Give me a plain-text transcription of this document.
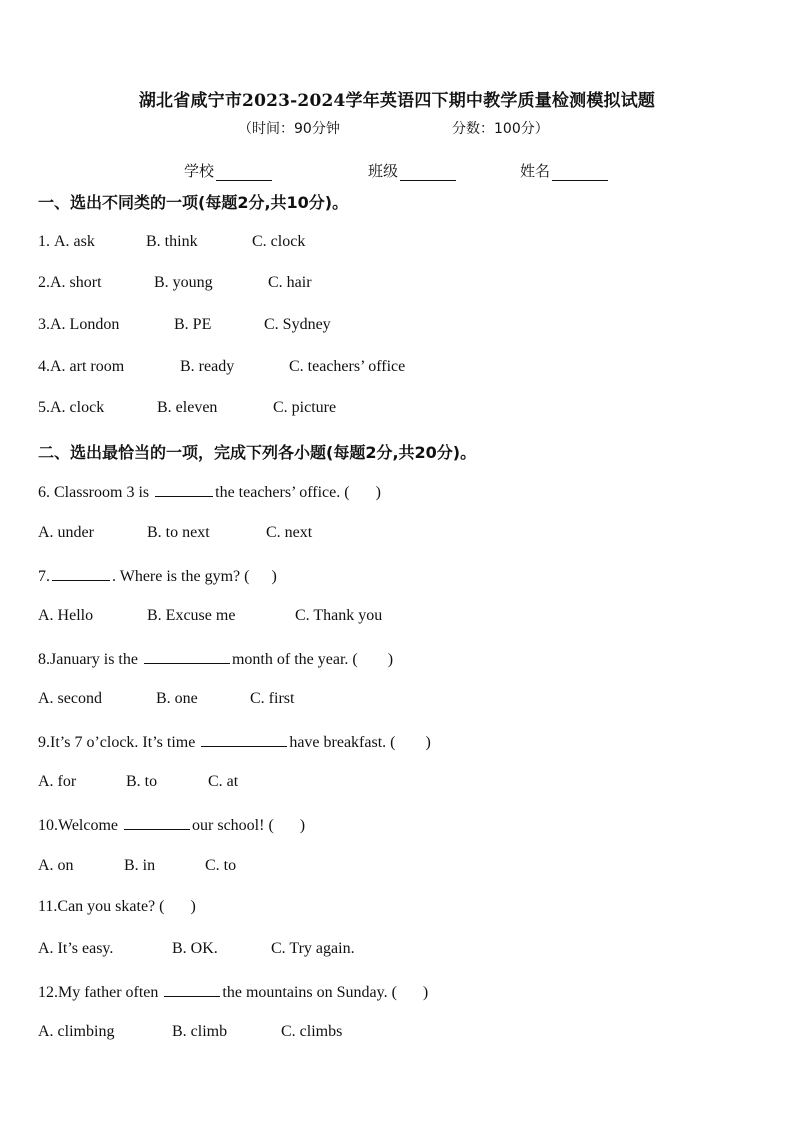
湖北省咸宁市2023-2024学年英语四下期中教学质量检测模拟试题
（时间：90分钟	分数：100分）
学校	班级	姓名
一、选出不同类的一项(每题2分,共10分)。
1. A. ask	B. think	C. clock
2.A. short	B. young	C. hair
3.A. London	B. PE	C. Sydney
4.A. art room	B. ready	C. teachers’ office
5.A. clock	B. eleven	C. picture
二、选出最恰当的一项，完成下列各小题(每题2分,共20分)。
6. Classroom 3 is	the teachers’ office. ( )
A. under	B. to next	C. next
7.	. Where is the gym? ( )
A. Hello	B. Excuse me	C. Thank you
8.January is the	month of the year. ( )
A. second	B. one	C. first
9.It’s 7 o’clock. It’s time	have breakfast. ( )
A. for	B. to	C. at
10.Welcome	our school! ( )
A. on	B. in	C. to
11.Can you skate? ( )
A. It’s easy.	B. OK.	C. Try again.
12.My father often	the mountains on Sunday. ( )
A. climbing	B. climb	C. climbs
